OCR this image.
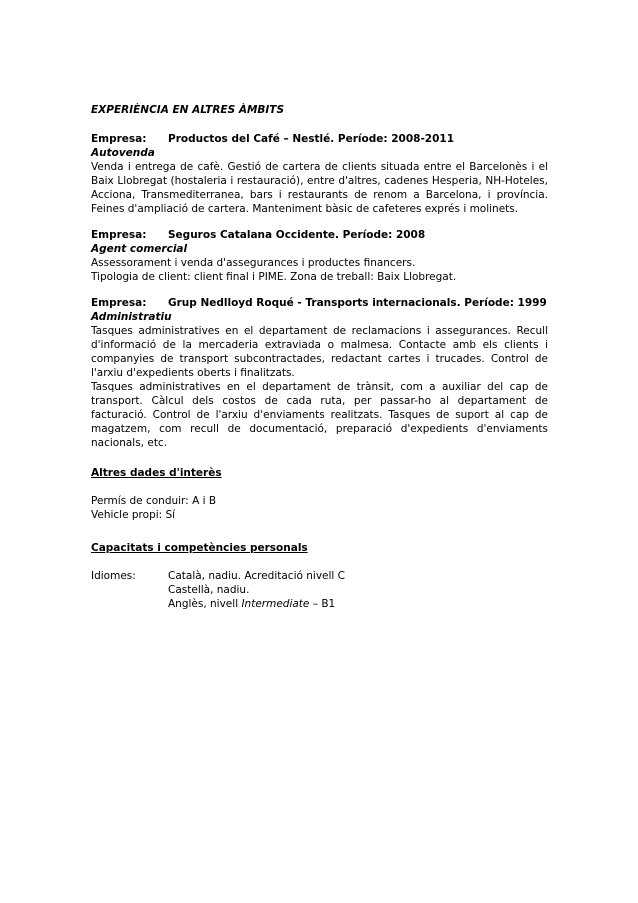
EXPERIÈNCIA EN ALTRES ÀMBITS

Empresa:	Productos del Café – Nestlé. Període: 2008-2011
Autovenda

Venda i entrega de cafè. Gestió de cartera de clients situada entre el Barcelonès i el Baix Llobregat (hostaleria i restauració), entre d'altres, cadenes Hesperia, NH-Hoteles, Acciona, Transmediterranea, bars i restaurants de renom a Barcelona, i província. Feines d'ampliació de cartera. Manteniment bàsic de cafeteres exprés i molinets.

Empresa:	Seguros Catalana Occidente. Període: 2008
Agent comercial

Assessorament i venda d'assegurances i productes financers.

Tipologia de client: client final i PIME. Zona de treball: Baix Llobregat.

Empresa:	Grup Nedlloyd Roqué - Transports internacionals. Període: 1999
Administratiu

Tasques administratives en el departament de reclamacions i assegurances. Recull d'informació de la mercaderia extraviada o malmesa. Contacte amb els clients i companyies de transport subcontractades, redactant cartes i trucades. Control de l'arxiu d'expedients oberts i finalitzats.

Tasques administratives en el departament de trànsit, com a auxiliar del cap de transport. Càlcul dels costos de cada ruta, per passar-ho al departament de facturació. Control de l'arxiu d'enviaments realitzats. Tasques de suport al cap de magatzem, com recull de documentació, preparació d'expedients d'enviaments nacionals, etc.

Altres dades d'interès

Permís de conduir: A i B

Vehicle propi: Sí

Capacitats i competències personals

Idiomes:	Català, nadiu. Acreditació nivell C

Castellà, nadiu.

Anglès, nivell Intermediate – B1
